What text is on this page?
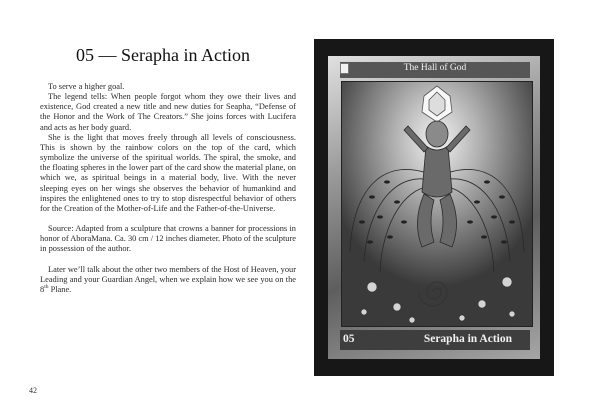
05 — Serapha in Action

To serve a higher goal.

The legend tells: When people forgot whom they owe their lives and existence, God created a new title and new duties for Seapha, “Defense of the Honor and the Work of The Creators.” She joins forces with Lucifera and acts as her body guard.

She is the light that moves freely through all levels of consciousness. This is shown by the rainbow colors on the top of the card, which symbolize the universe of the spiritual worlds. The spiral, the smoke, and the floating spheres in the lower part of the card show the material plane, on which we, as spiritual beings in a material body, live. With the never sleeping eyes on her wings she observes the behavior of humankind and inspires the enlightened ones to try to stop disrespectful behavior of others for the Creation of the Mother-of-Life and the Father-of-the-Universe.

Source: Adapted from a sculpture that crowns a banner for processions in honor of AboraMana. Ca. 30 cm / 12 inches diameter. Photo of the sculpture in possession of the author.

Later we’ll talk about the other two members of the Host of Heaven, your Leading and your Guardian Angel, when we explain how we see you on the 8th Plane.

42
The Hall of God
05	Serapha in Action
